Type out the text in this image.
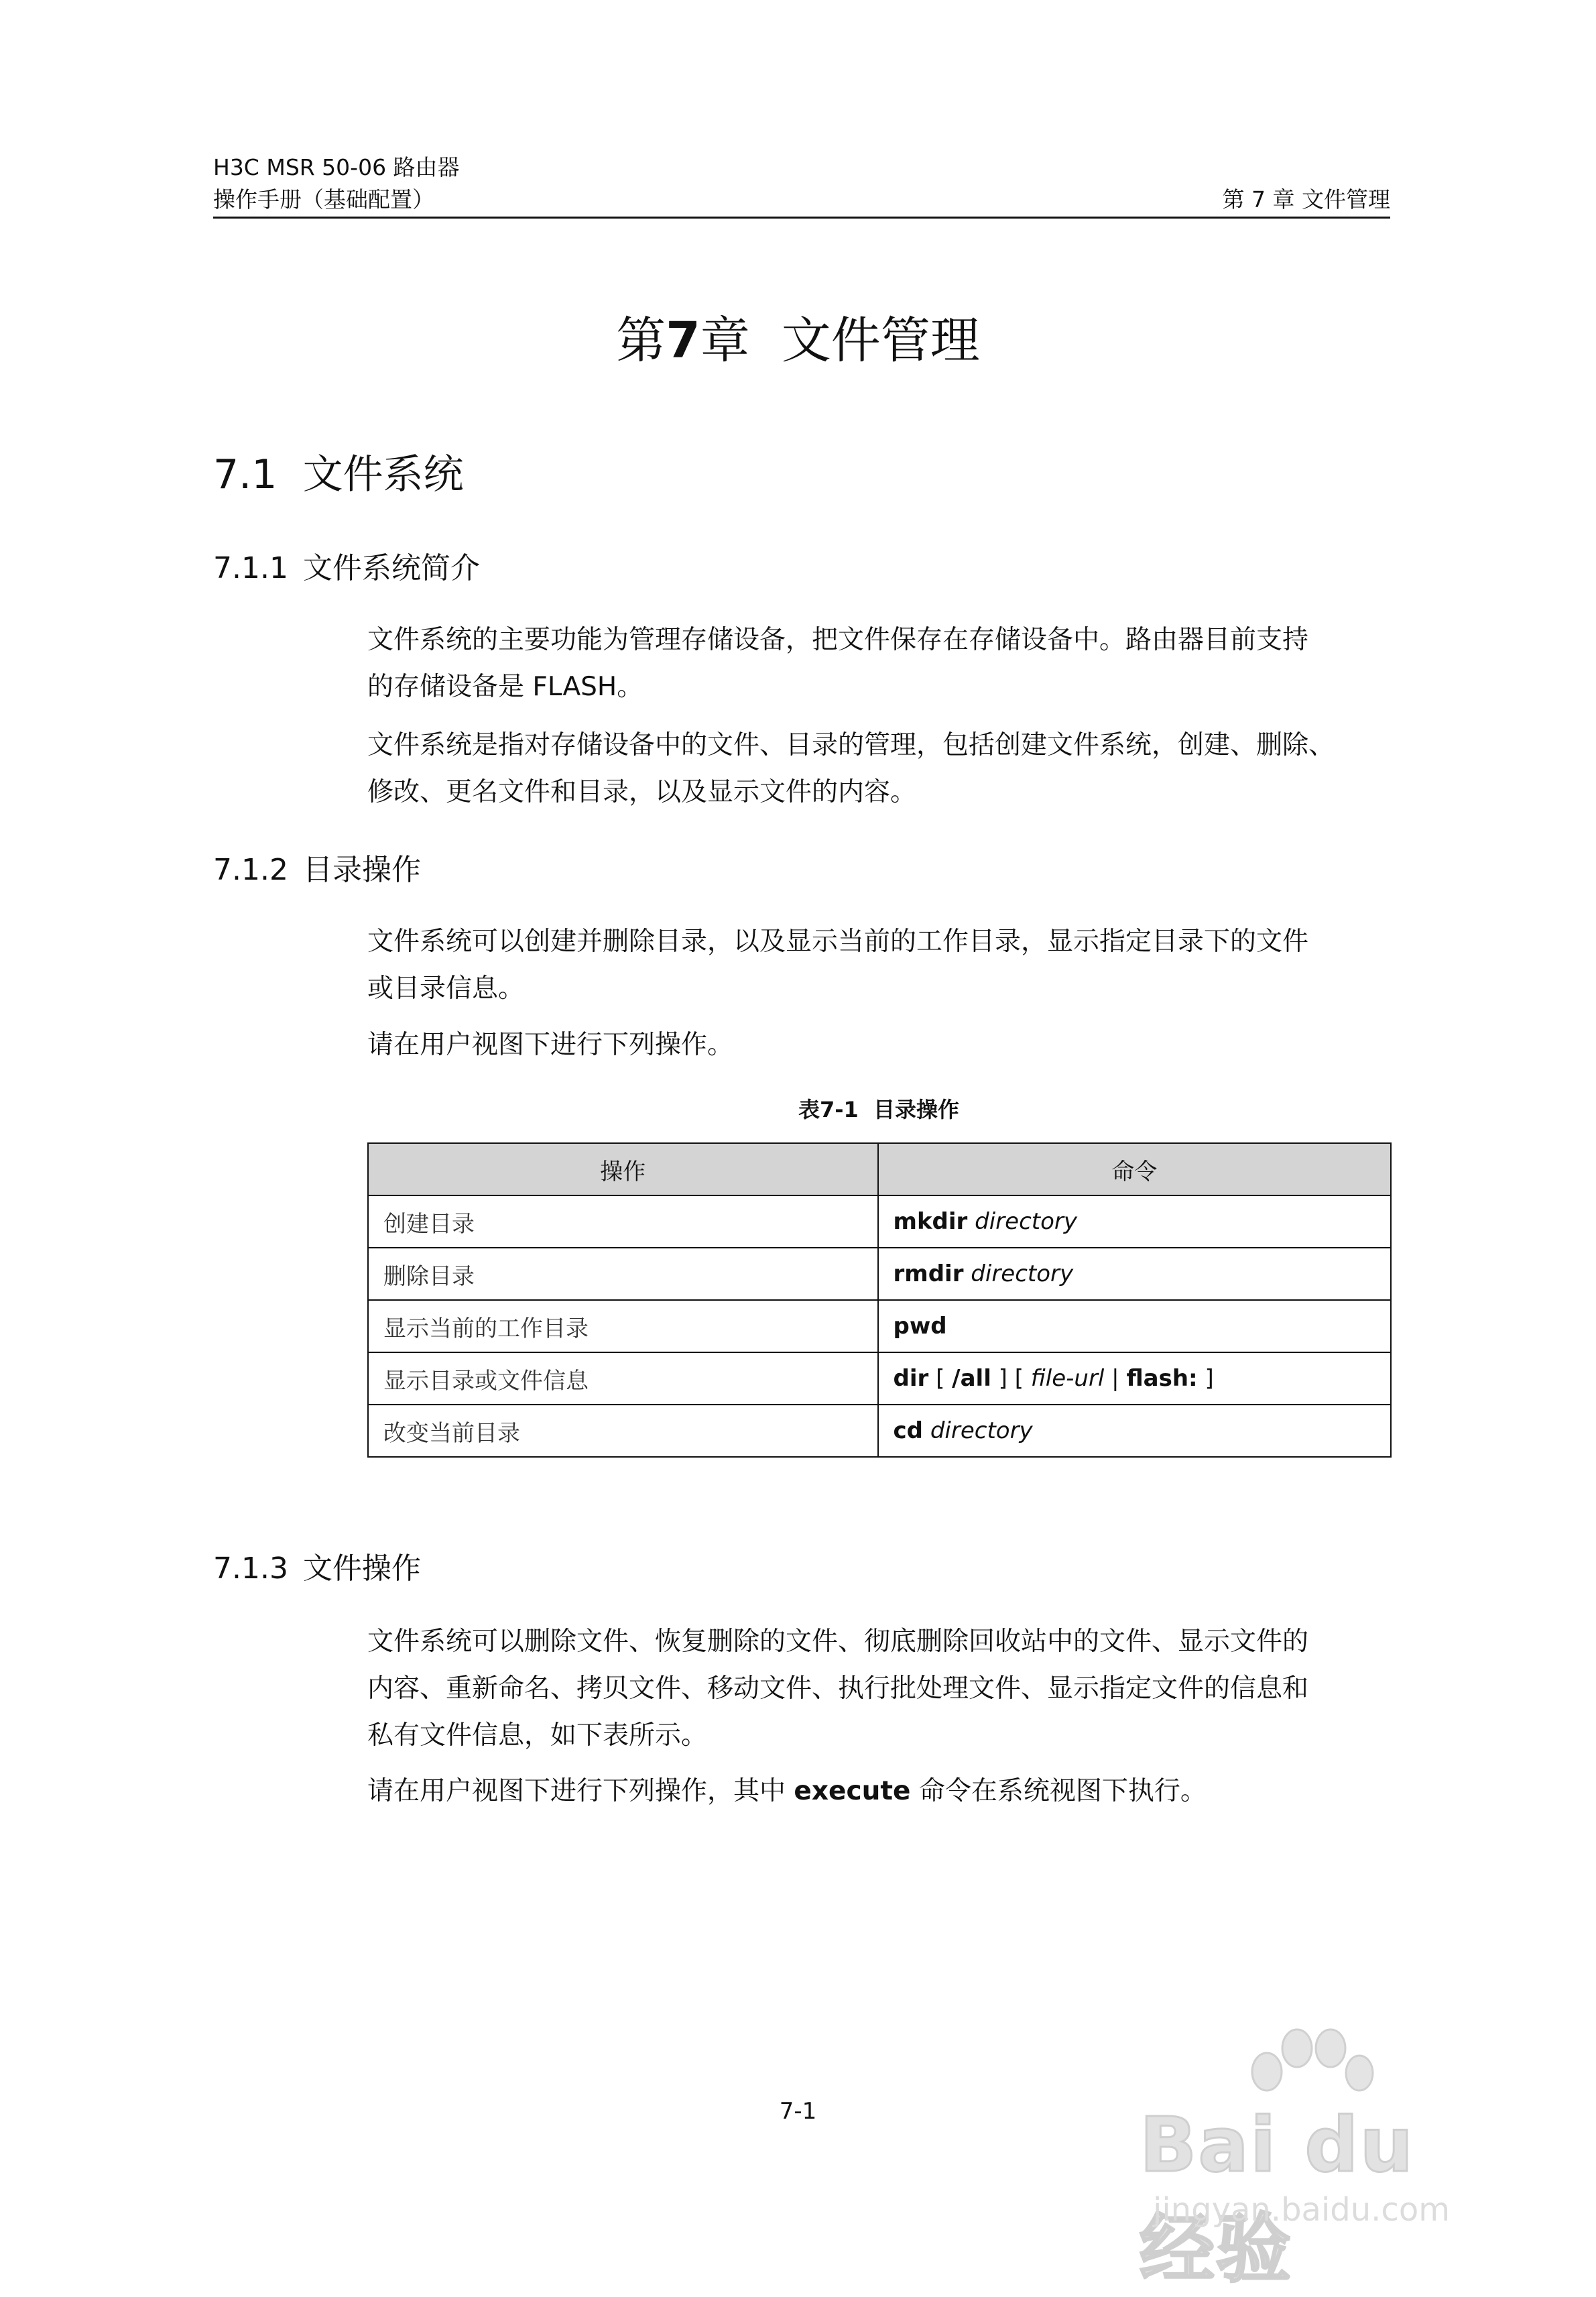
H3C MSR 50-06 路由器
操作手册（基础配置）	第 7 章 文件管理
第7章  文件管理
7.1  文件系统
7.1.1 文件系统简介

文件系统的主要功能为管理存储设备，把文件保存在存储设备中。路由器目前支持
的存储设备是 FLASH。

文件系统是指对存储设备中的文件、目录的管理，包括创建文件系统，创建、删除、
修改、更名文件和目录，以及显示文件的内容。

7.1.2 目录操作

文件系统可以创建并删除目录，以及显示当前的工作目录，显示指定目录下的文件
或目录信息。

请在用户视图下进行下列操作。

表7-1  目录操作
操作	命令
创建目录	mkdir directory
删除目录	rmdir directory
显示当前的工作目录	pwd
显示目录或文件信息	dir [ /all ] [ file-url | flash: ]
改变当前目录	cd directory
7.1.3 文件操作

文件系统可以删除文件、恢复删除的文件、彻底删除回收站中的文件、显示文件的
内容、重新命名、拷贝文件、移动文件、执行批处理文件、显示指定文件的信息和
私有文件信息，如下表所示。

请在用户视图下进行下列操作，其中 execute 命令在系统视图下执行。

7-1	Bai du 经验
jingyan.baidu.com
